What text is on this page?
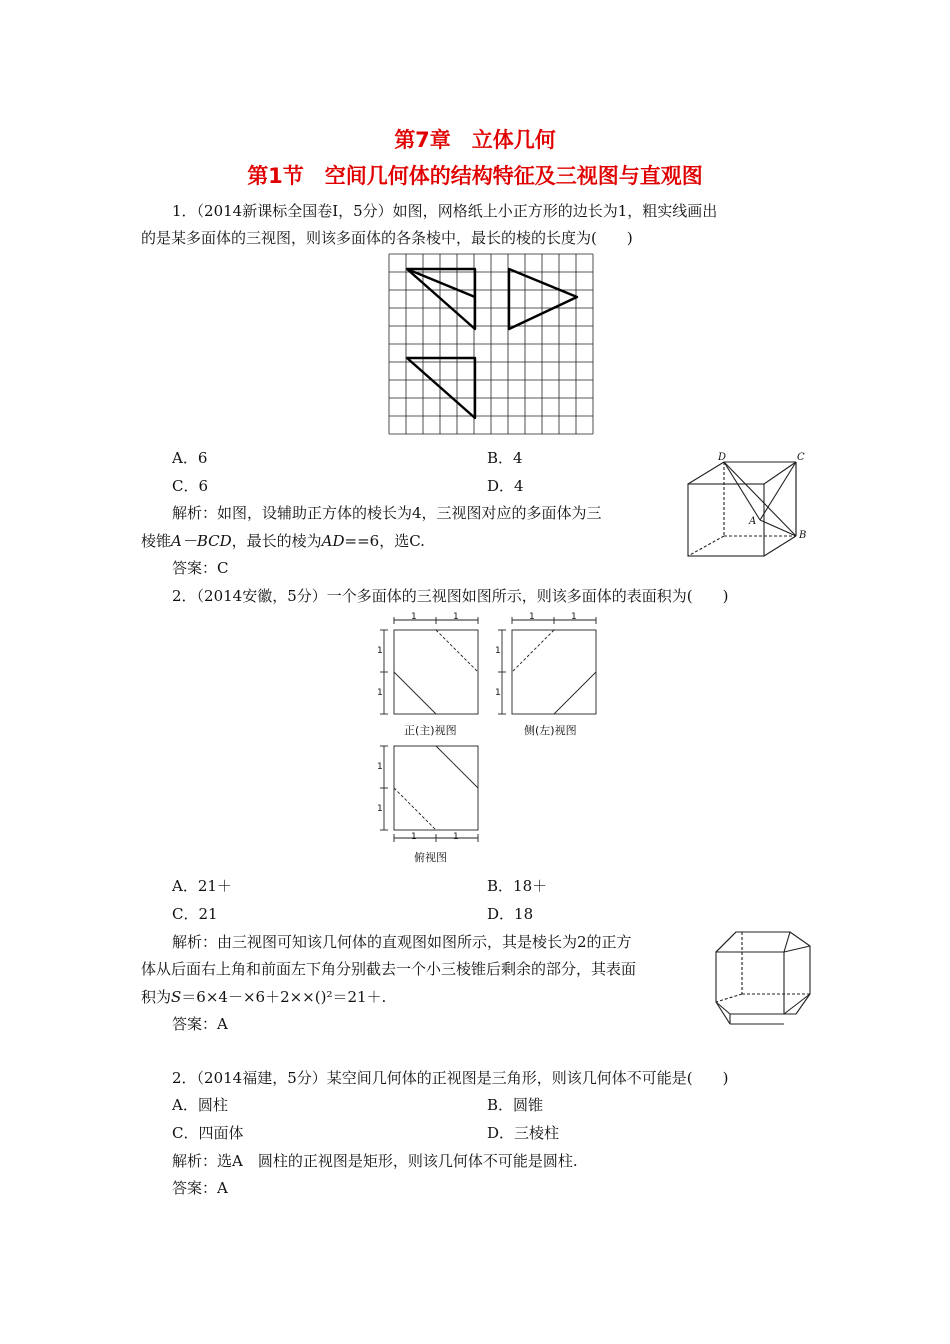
第7章　立体几何
第1节　空间几何体的结构特征及三视图与直观图
1．（2014新课标全国卷Ⅰ，5分）如图，网格纸上小正方形的边长为1，粗实线画出
的是某多面体的三视图，则该多面体的各条棱中，最长的棱的长度为(　　)
A．6	B．4
C．6	D．4
解析：如图，设辅助正方体的棱长为4，三视图对应的多面体为三
棱锥A－BCD，最长的棱为AD==6，选C.
答案：C
D	C
A
B
2．（2014安徽，5分）一个多面体的三视图如图所示，则该多面体的表面积为(　　)
1	1
1
1
正(主)视图
1	1
1
1
侧(左)视图
1
1
1	1
俯视图
A．21＋	B．18＋
C．21	D．18
解析：由三视图可知该几何体的直观图如图所示，其是棱长为2的正方
体从后面右上角和前面左下角分别截去一个小三棱锥后剩余的部分，其表面
积为S＝6×4－×6＋2××()²＝21＋.
答案：A
2．（2014福建，5分）某空间几何体的正视图是三角形，则该几何体不可能是(　　)
A．圆柱	B．圆锥
C．四面体	D．三棱柱
解析：选A　圆柱的正视图是矩形，则该几何体不可能是圆柱.
答案：A
